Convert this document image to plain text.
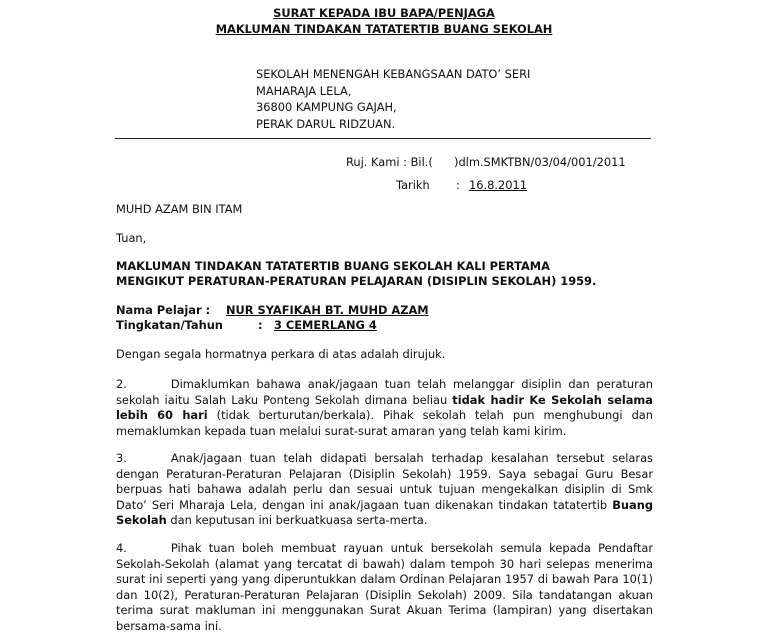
SURAT KEPADA IBU BAPA/PENJAGA
MAKLUMAN TINDAKAN TATATERTIB BUANG SEKOLAH
SEKOLAH MENENGAH KEBANGSAAN DATO’ SERI
MAHARAJA LELA,
36800 KAMPUNG GAJAH,
PERAK DARUL RIDZUAN.
Ruj. Kami : Bil.( )dlm.SMKTBN/03/04/001/2011
Tarikh : 16.8.2011
MUHD AZAM BIN ITAM
Tuan,
MAKLUMAN TINDAKAN TATATERTIB BUANG SEKOLAH KALI PERTAMA
MENGIKUT PERATURAN-PERATURAN PELAJARAN (DISIPLIN SEKOLAH) 1959.
Nama Pelajar : NUR SYAFIKAH BT. MUHD AZAM
Tingkatan/Tahun	: 3 CEMERLANG 4
Dengan segala hormatnya perkara di atas adalah dirujuk.
2.	Dimaklumkan bahawa anak/jagaan tuan telah melanggar disiplin dan peraturan sekolah iaitu Salah Laku Ponteng Sekolah dimana beliau tidak hadir Ke Sekolah selama lebih 60 hari (tidak berturutan/berkala). Pihak sekolah telah pun menghubungi dan memaklumkan kepada tuan melalui surat-surat amaran yang telah kami kirim.
3.	Anak/jagaan tuan telah didapati bersalah terhadap kesalahan tersebut selaras dengan Peraturan-Peraturan Pelajaran (Disiplin Sekolah) 1959. Saya sebagai Guru Besar berpuas hati bahawa adalah perlu dan sesuai untuk tujuan mengekalkan disiplin di Smk Dato’ Seri Mharaja Lela, dengan ini anak/jagaan tuan dikenakan tindakan tatatertib Buang Sekolah dan keputusan ini berkuatkuasa serta-merta.
4.	Pihak tuan boleh membuat rayuan untuk bersekolah semula kepada Pendaftar Sekolah-Sekolah (alamat yang tercatat di bawah) dalam tempoh 30 hari selepas menerima surat ini seperti yang yang diperuntukkan dalam Ordinan Pelajaran 1957 di bawah Para 10(1) dan 10(2), Peraturan-Peraturan Pelajaran (Disiplin Sekolah) 2009. Sila tandatangan akuan terima surat makluman ini menggunakan Surat Akuan Terima (lampiran) yang disertakan bersama-sama ini.
